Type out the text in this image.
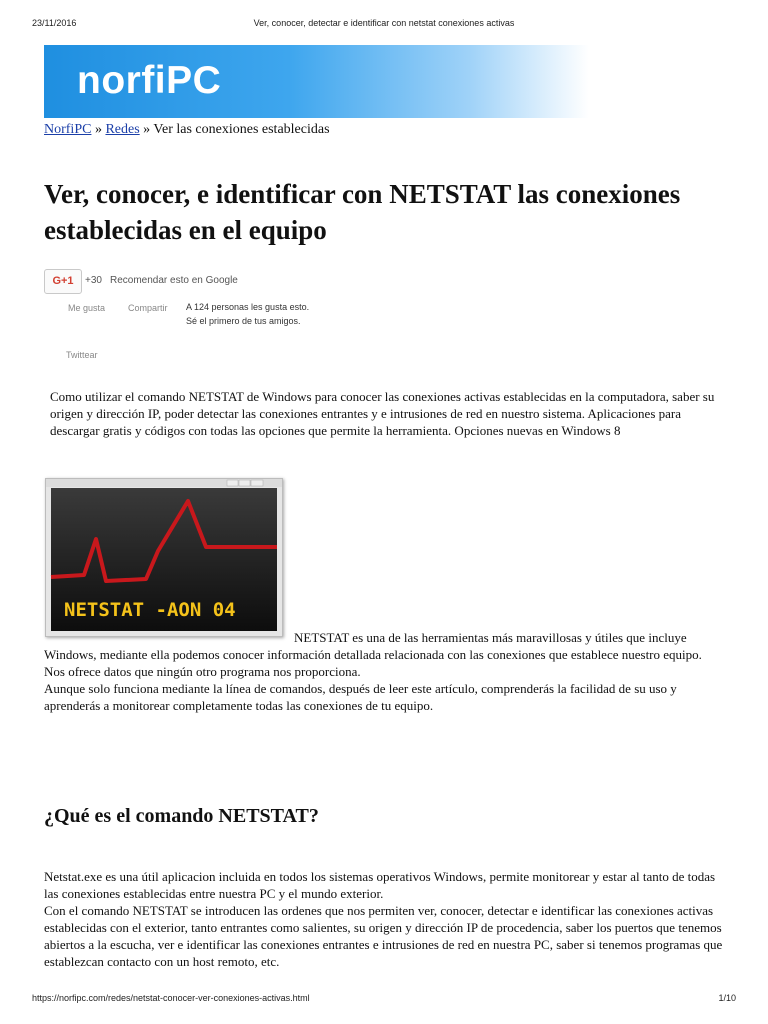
23/11/2016	Ver, conocer, detectar e identificar con netstat conexiones activas
norfiPC
NorfiPC » Redes » Ver las conexiones establecidas
Ver, conocer, e identificar con NETSTAT las conexiones establecidas en el equipo
G+1	+30 Recomendar esto en Google
Me gusta	Compartir A 124 personas les gusta esto. Sé el primero de tus amigos.
Twittear

Como utilizar el comando NETSTAT de Windows para conocer las conexiones activas establecidas en la computadora, saber su origen y dirección IP, poder detectar las conexiones entrantes y e intrusiones de red en nuestro sistema. Aplicaciones para descargar gratis y códigos con todas las opciones que permite la herramienta. Opciones nuevas en Windows 8

NETSTAT -AON 04

NETSTAT es una de las herramientas más maravillosas y útiles que incluye Windows, mediante ella podemos conocer información detallada relacionada con las conexiones que establece nuestro equipo.
Nos ofrece datos que ningún otro programa nos proporciona.
Aunque solo funciona mediante la línea de comandos, después de leer este artículo, comprenderás la facilidad de su uso y aprenderás a monitorear completamente todas las conexiones de tu equipo.

¿Qué es el comando NETSTAT?

Netstat.exe es una útil aplicacion incluida en todos los sistemas operativos Windows, permite monitorear y estar al tanto de todas las conexiones establecidas entre nuestra PC y el mundo exterior.
Con el comando NETSTAT se introducen las ordenes que nos permiten ver, conocer, detectar e identificar las conexiones activas establecidas con el exterior, tanto entrantes como salientes, su origen y dirección IP de procedencia, saber los puertos que tenemos abiertos a la escucha, ver e identificar las conexiones entrantes e intrusiones de red en nuestra PC, saber si tenemos programas que establezcan contacto con un host remoto, etc.

https://norfipc.com/redes/netstat-conocer-ver-conexiones-activas.html	1/10
